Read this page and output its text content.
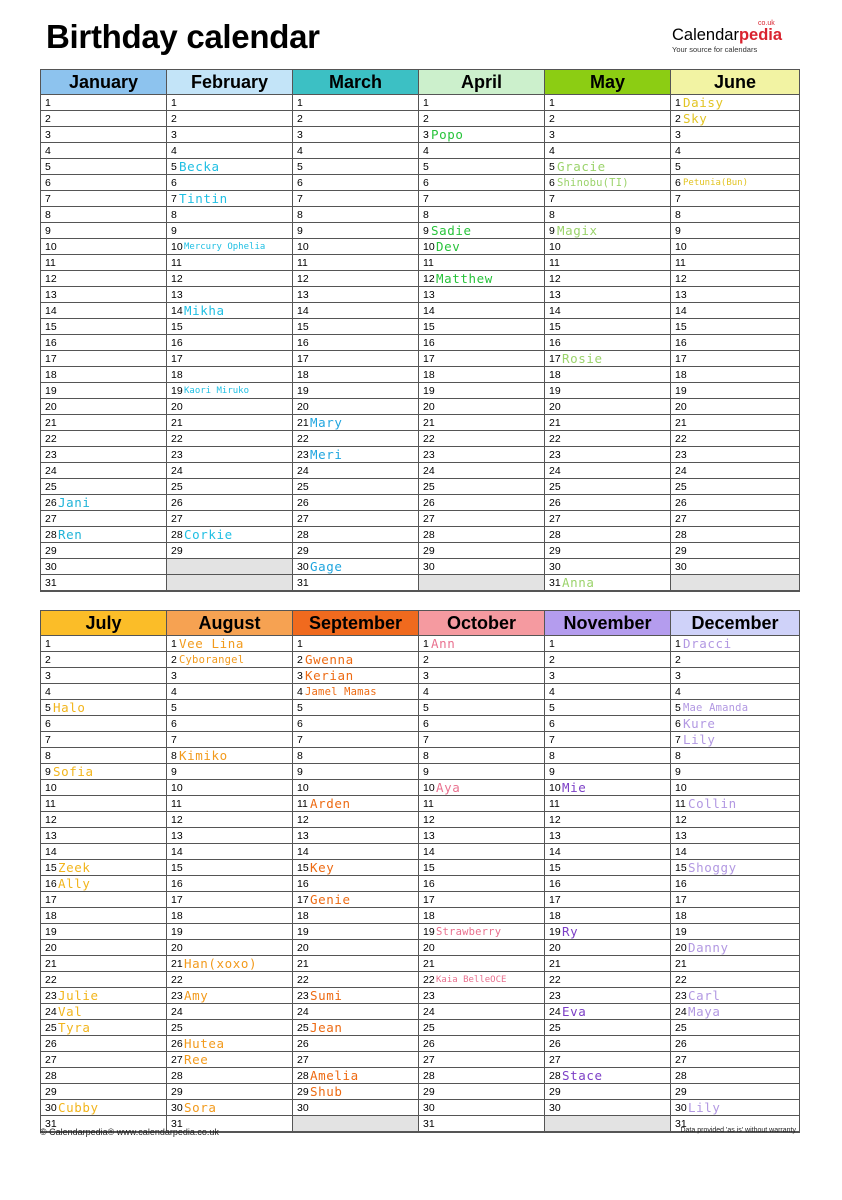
Birthday calendar	co.uk
Calendarpedia
Your source for calendars
January
1
2
3
4
5
6
7
8
9
10
11
12
13
14
15
16
17
18
19
20
21
22
23
24
25
26 Jani
27
28 Ren
29
30
31
February
1
2
3
4
5 Becka
6
7 Tintin
8
9
10 Mercury Ophelia
11
12
13
14 Mikha
15
16
17
18
19 Kaori Miruko
20
21
22
23
24
25
26
27
28 Corkie
29
March
1
2
3
4
5
6
7
8
9
10
11
12
13
14
15
16
17
18
19
20
21 Mary
22
23 Meri
24
25
26
27
28
29
30 Gage
31
April
1
2
3 Popo
4
5
6
7
8
9 Sadie
10 Dev
11
12 Matthew
13
14
15
16
17
18
19
20
21
22
23
24
25
26
27
28
29
30
May
1
2
3
4
5 Gracie
6 Shinobu(TI)
7
8
9 Magix
10
11
12
13
14
15
16
17 Rosie
18
19
20
21
22
23
24
25
26
27
28
29
30
31 Anna
June
1 Daisy
2 Sky
3
4
5
6 Petunia(Bun)
7
8
9
10
11
12
13
14
15
16
17
18
19
20
21
22
23
24
25
26
27
28
29
30
July
1
2
3
4
5 Halo
6
7
8
9 Sofia
10
11
12
13
14
15 Zeek
16 Ally
17
18
19
20
21
22
23 Julie
24 Val
25 Tyra
26
27
28
29
30 Cubby
31
August
1 Vee Lina
2 Cyborangel
3
4
5
6
7
8 Kimiko
9
10
11
12
13
14
15
16
17
18
19
20
21 Han(xoxo)
22
23 Amy
24
25
26 Hutea
27 Ree
28
29
30 Sora
31
September
1
2 Gwenna
3 Kerian
4 Jamel Mamas
5
6
7
8
9
10
11 Arden
12
13
14
15 Key
16
17 Genie
18
19
20
21
22
23 Sumi
24
25 Jean
26
27
28 Amelia
29 Shub
30
October
1 Ann
2
3
4
5
6
7
8
9
10 Aya
11
12
13
14
15
16
17
18
19 Strawberry
20
21
22 Kaia BelleOCE
23
24
25
26
27
28
29
30
31
November
1
2
3
4
5
6
7
8
9
10 Mie
11
12
13
14
15
16
17
18
19 Ry
20
21
22
23
24 Eva
25
26
27
28 Stace
29
30
December
1 Dracci
2
3
4
5 Mae Amanda
6 Kure
7 Lily
8
9
10
11 Collin
12
13
14
15 Shoggy
16
17
18
19
20 Danny
21
22
23 Carl
24 Maya
25
26
27
28
29
30 Lily
31
© Calendarpedia® www.calendarpedia.co.uk	Data provided 'as is' without warranty
